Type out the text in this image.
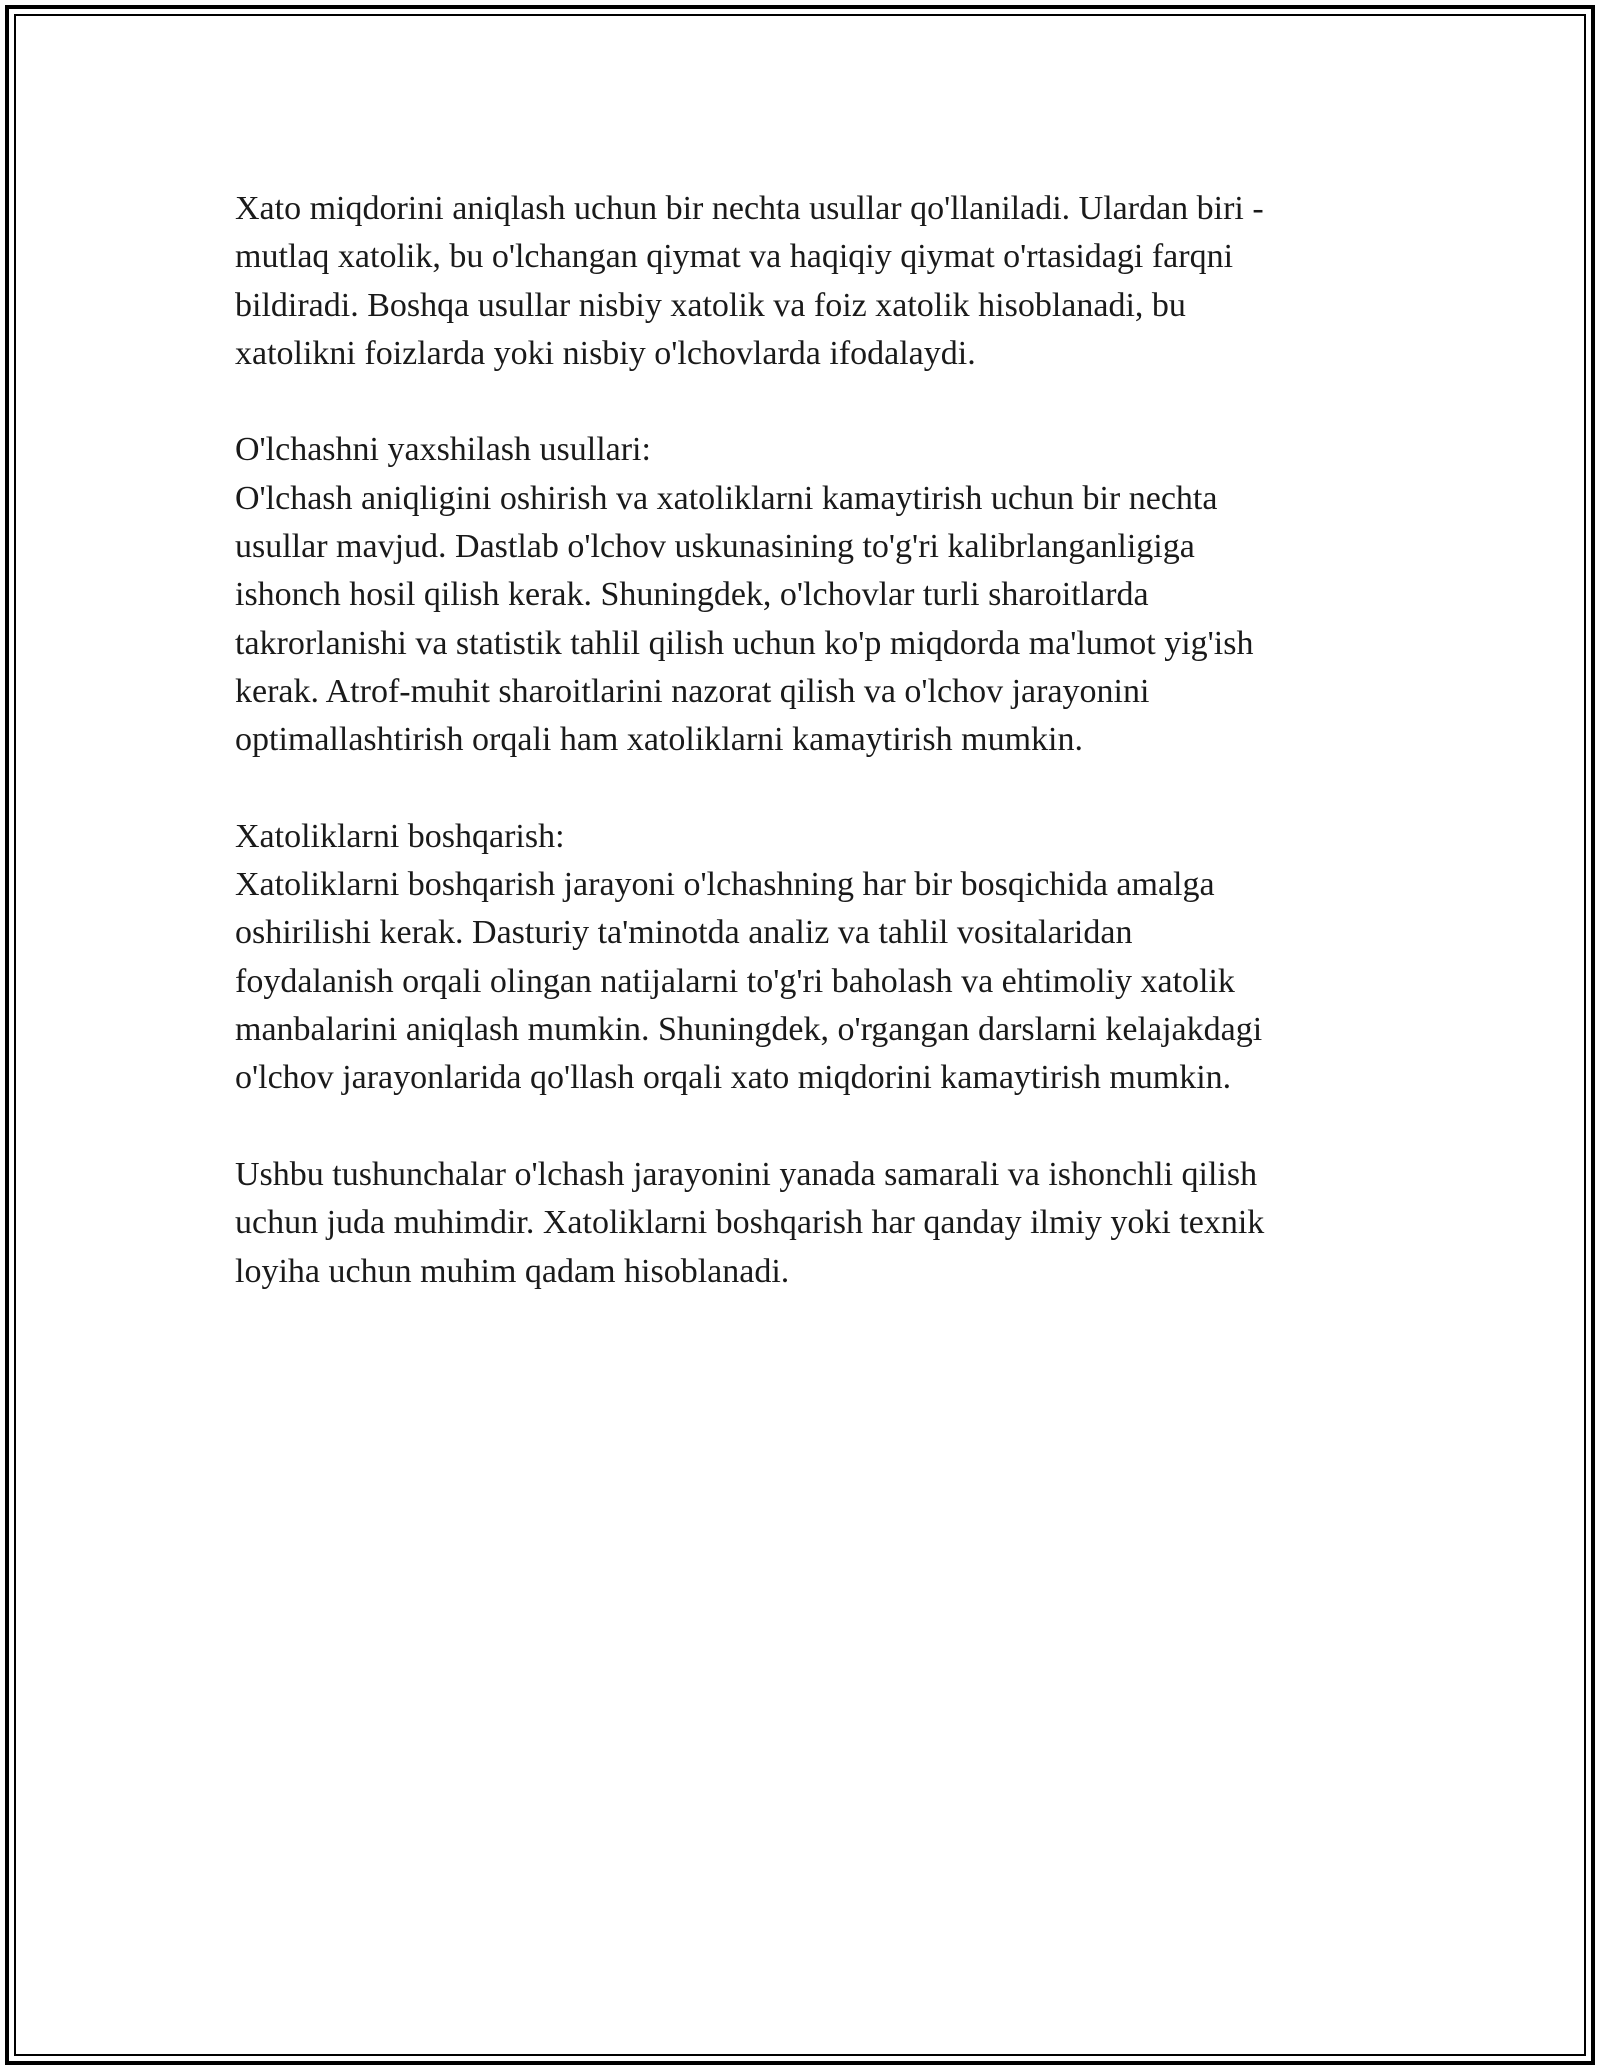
Xato miqdorini aniqlash uchun bir nechta usullar qo'llaniladi. Ulardan biri -
mutlaq xatolik, bu o'lchangan qiymat va haqiqiy qiymat o'rtasidagi farqni
bildiradi. Boshqa usullar nisbiy xatolik va foiz xatolik hisoblanadi, bu
xatolikni foizlarda yoki nisbiy o'lchovlarda ifodalaydi.

O'lchashni yaxshilash usullari:
O'lchash aniqligini oshirish va xatoliklarni kamaytirish uchun bir nechta
usullar mavjud. Dastlab o'lchov uskunasining to'g'ri kalibrlanganligiga
ishonch hosil qilish kerak. Shuningdek, o'lchovlar turli sharoitlarda
takrorlanishi va statistik tahlil qilish uchun ko'p miqdorda ma'lumot yig'ish
kerak. Atrof-muhit sharoitlarini nazorat qilish va o'lchov jarayonini
optimallashtirish orqali ham xatoliklarni kamaytirish mumkin.

Xatoliklarni boshqarish:
Xatoliklarni boshqarish jarayoni o'lchashning har bir bosqichida amalga
oshirilishi kerak. Dasturiy ta'minotda analiz va tahlil vositalaridan
foydalanish orqali olingan natijalarni to'g'ri baholash va ehtimoliy xatolik
manbalarini aniqlash mumkin. Shuningdek, o'rgangan darslarni kelajakdagi
o'lchov jarayonlarida qo'llash orqali xato miqdorini kamaytirish mumkin.

Ushbu tushunchalar o'lchash jarayonini yanada samarali va ishonchli qilish
uchun juda muhimdir. Xatoliklarni boshqarish har qanday ilmiy yoki texnik
loyiha uchun muhim qadam hisoblanadi.
